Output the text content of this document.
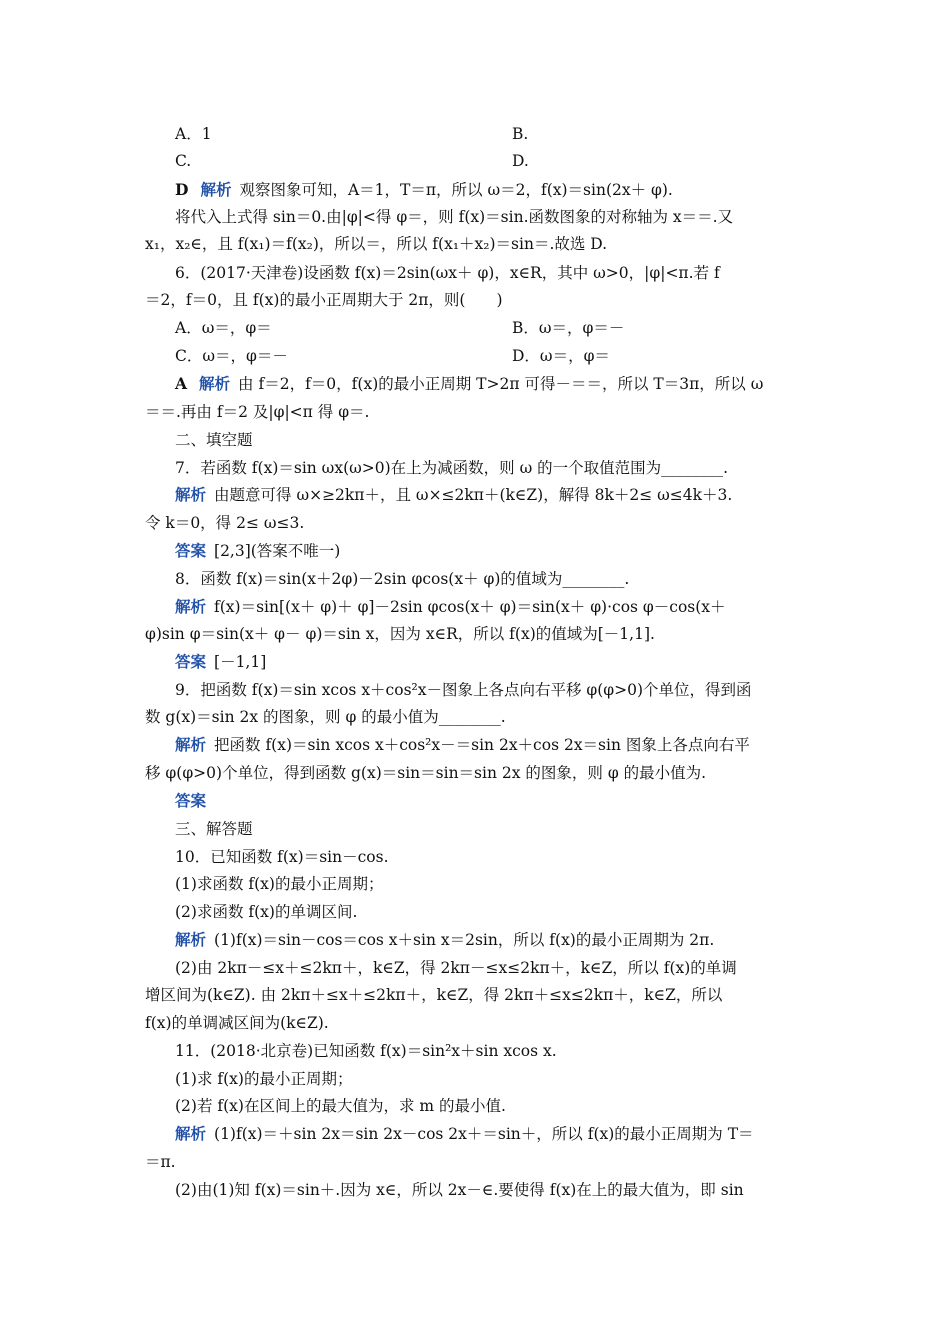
A．1	B.
C.	D.
D 解析 观察图象可知，A＝1，T＝π，所以 ω＝2，f(x)＝sin(2x＋ φ).
将代入上式得 sin＝0.由|φ|<得 φ＝，则 f(x)＝sin.函数图象的对称轴为 x＝＝.又
x₁，x₂∈，且 f(x₁)＝f(x₂)，所以＝，所以 f(x₁＋x₂)＝sin＝.故选 D.
6．(2017·天津卷)设函数 f(x)＝2sin(ωx＋ φ)，x∈R，其中 ω>0，|φ|<π.若 f
＝2，f＝0，且 f(x)的最小正周期大于 2π，则(　　)
A．ω＝，φ＝	B．ω＝，φ＝－
C．ω＝，φ＝－	D．ω＝，φ＝
A 解析 由 f＝2，f＝0，f(x)的最小正周期 T>2π 可得－＝＝，所以 T＝3π，所以 ω
＝＝.再由 f＝2 及|φ|<π 得 φ＝.
二、填空题
7．若函数 f(x)＝sin ωx(ω>0)在上为减函数，则 ω 的一个取值范围为________.
解析 由题意可得 ω×≥2kπ＋，且 ω×≤2kπ＋(k∈Z)，解得 8k＋2≤ ω≤4k＋3.
令 k＝0，得 2≤ ω≤3.
答案 [2,3](答案不唯一)
8．函数 f(x)＝sin(x＋2φ)－2sin φcos(x＋ φ)的值域为________.
解析 f(x)＝sin[(x＋ φ)＋ φ]－2sin φcos(x＋ φ)＝sin(x＋ φ)·cos φ－cos(x＋
φ)sin φ＝sin(x＋ φ－ φ)＝sin x，因为 x∈R，所以 f(x)的值域为[－1,1].
答案 [－1,1]
9．把函数 f(x)＝sin xcos x＋cos²x－图象上各点向右平移 φ(φ>0)个单位，得到函
数 g(x)＝sin 2x 的图象，则 φ 的最小值为________.
解析 把函数 f(x)＝sin xcos x＋cos²x－＝sin 2x＋cos 2x＝sin 图象上各点向右平
移 φ(φ>0)个单位，得到函数 g(x)＝sin＝sin＝sin 2x 的图象，则 φ 的最小值为.
答案
三、解答题
10．已知函数 f(x)＝sin－cos.
(1)求函数 f(x)的最小正周期；
(2)求函数 f(x)的单调区间.
解析 (1)f(x)＝sin－cos＝cos x＋sin x＝2sin，所以 f(x)的最小正周期为 2π.
(2)由 2kπ－≤x＋≤2kπ＋，k∈Z，得 2kπ－≤x≤2kπ＋，k∈Z，所以 f(x)的单调
增区间为(k∈Z). 由 2kπ＋≤x＋≤2kπ＋，k∈Z，得 2kπ＋≤x≤2kπ＋，k∈Z，所以
f(x)的单调减区间为(k∈Z).
11．(2018·北京卷)已知函数 f(x)＝sin²x＋sin xcos x.
(1)求 f(x)的最小正周期；
(2)若 f(x)在区间上的最大值为，求 m 的最小值.
解析 (1)f(x)＝＋sin 2x＝sin 2x－cos 2x＋＝sin＋，所以 f(x)的最小正周期为 T＝
＝π.
(2)由(1)知 f(x)＝sin＋.因为 x∈，所以 2x－∈.要使得 f(x)在上的最大值为，即 sin
